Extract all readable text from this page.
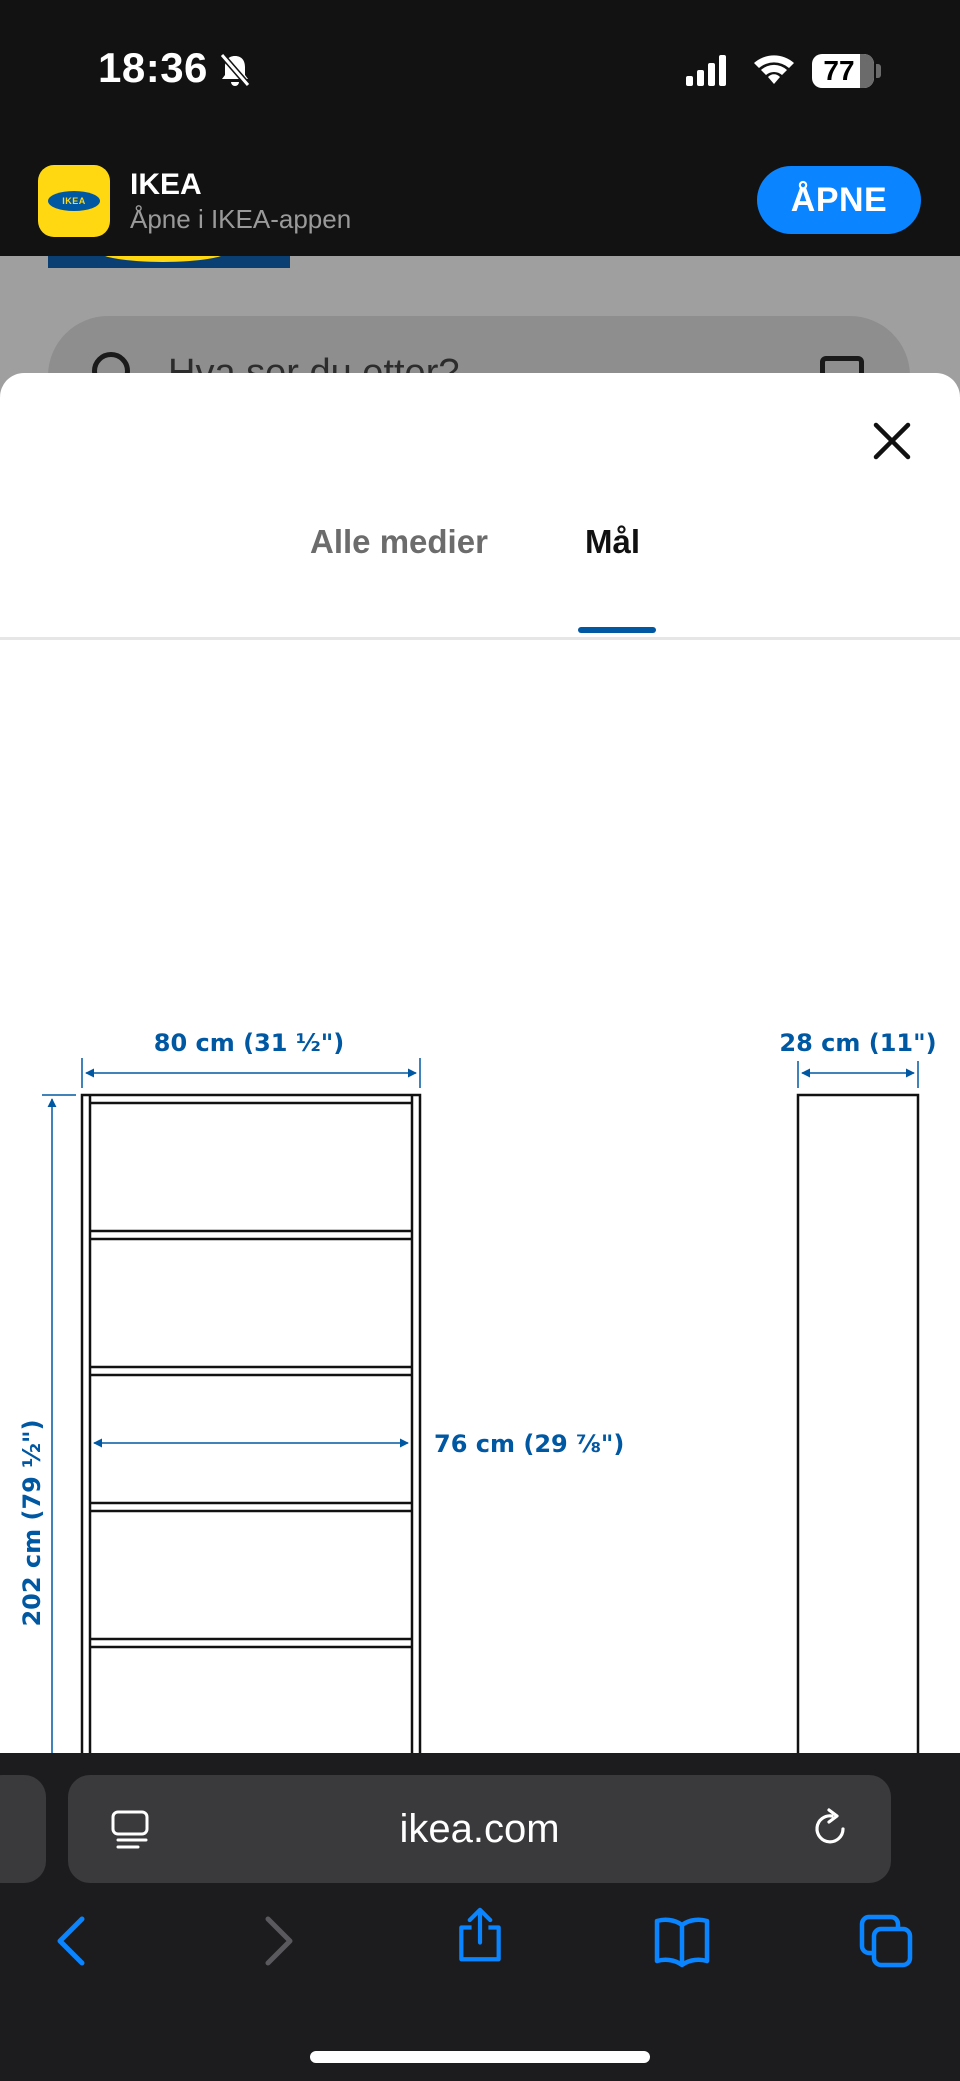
18:36	77
IKEA	IKEA
Åpne i IKEA-appen	ÅPNE
Alle medier	Mål
80 cm (31 ½")
202 cm (79 ½")	76 cm (29 ⅞")
28 cm (11")
ikea.com
